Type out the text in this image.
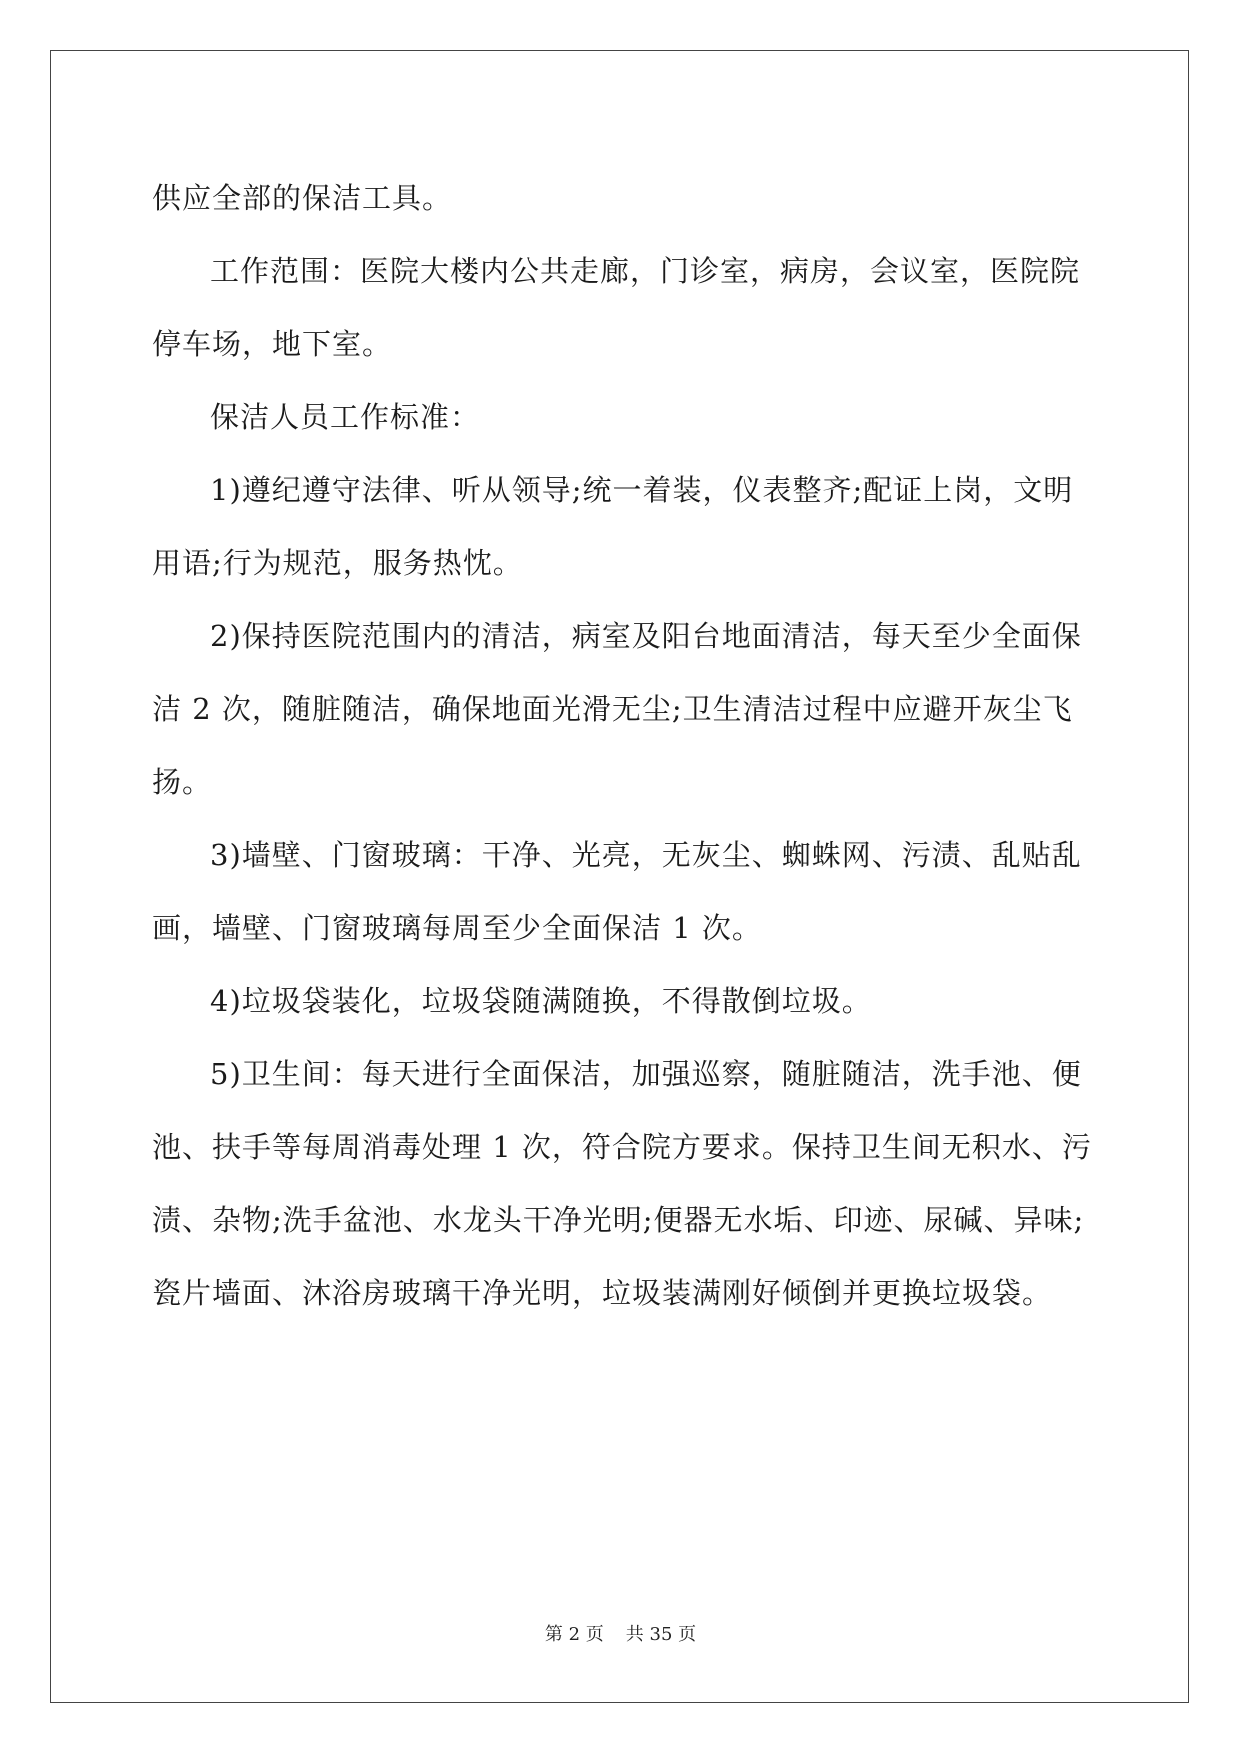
供应全部的保洁工具。

工作范围：医院大楼内公共走廊，门诊室，病房，会议室，医院院停车场，地下室。

保洁人员工作标准：

1)遵纪遵守法律、听从领导;统一着装，仪表整齐;配证上岗，文明用语;行为规范，服务热忱。

2)保持医院范围内的清洁，病室及阳台地面清洁，每天至少全面保洁 2 次，随脏随洁，确保地面光滑无尘;卫生清洁过程中应避开灰尘飞扬。

3)墙壁、门窗玻璃：干净、光亮，无灰尘、蜘蛛网、污渍、乱贴乱画，墙壁、门窗玻璃每周至少全面保洁 1 次。

4)垃圾袋装化，垃圾袋随满随换，不得散倒垃圾。

5)卫生间：每天进行全面保洁，加强巡察，随脏随洁，洗手池、便池、扶手等每周消毒处理 1 次，符合院方要求。保持卫生间无积水、污渍、杂物;洗手盆池、水龙头干净光明;便器无水垢、印迹、尿碱、异味;瓷片墙面、沐浴房玻璃干净光明，垃圾装满刚好倾倒并更换垃圾袋。

第 2 页 共 35 页
